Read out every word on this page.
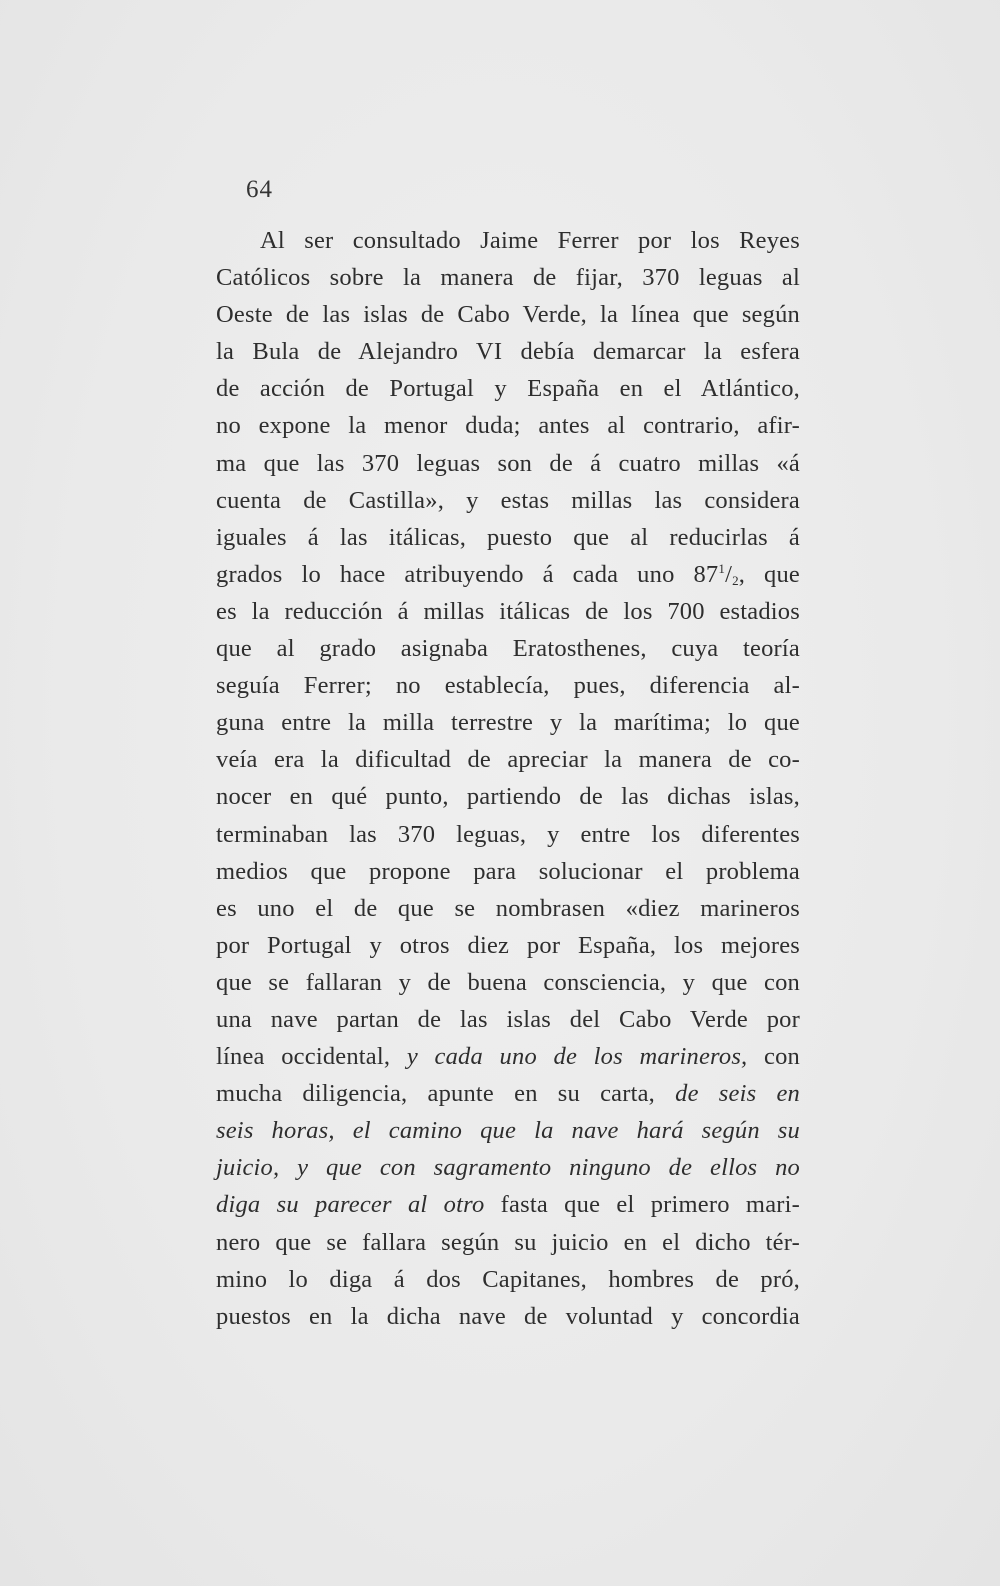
64
Al ser consultado Jaime Ferrer por los Reyes
Católicos sobre la manera de fijar, 370 leguas al
Oeste de las islas de Cabo Verde, la línea que según
la Bula de Alejandro VI debía demarcar la esfera
de acción de Portugal y España en el Atlántico,
no expone la menor duda; antes al contrario, afir-
ma que las 370 leguas son de á cuatro millas «á
cuenta de Castilla», y estas millas las considera
iguales á las itálicas, puesto que al reducirlas á
grados lo hace atribuyendo á cada uno $87^1/_2$, que
es la reducción á millas itálicas de los 700 estadios
que al grado asignaba Eratosthenes, cuya teoría
seguía Ferrer; no establecía, pues, diferencia al-
guna entre la milla terrestre y la marítima; lo que
veía era la dificultad de apreciar la manera de co-
nocer en qué punto, partiendo de las dichas islas,
terminaban las 370 leguas, y entre los diferentes
medios que propone para solucionar el problema
es uno el de que se nombrasen «diez marineros
por Portugal y otros diez por España, los mejores
que se fallaran y de buena consciencia, y que con
una nave partan de las islas del Cabo Verde por
línea occidental, y cada uno de los marineros, con
mucha diligencia, apunte en su carta, de seis en
seis horas, el camino que la nave hará según su
juicio, y que con sagramento ninguno de ellos no
diga su parecer al otro fasta que el primero mari-
nero que se fallara según su juicio en el dicho tér-
mino lo diga á dos Capitanes, hombres de pró,
puestos en la dicha nave de voluntad y concordia
